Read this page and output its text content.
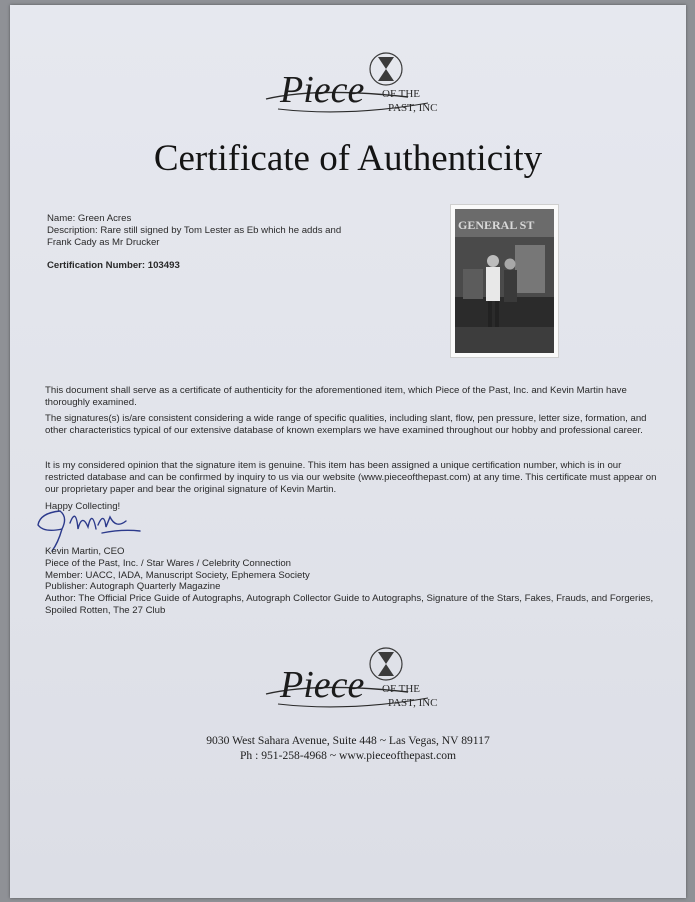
Piece OF THE
PAST, INC
Certificate of Authenticity
Name: Green Acres
Description: Rare still signed by Tom Lester as Eb which he adds and Frank Cady as Mr Drucker
Certification Number: 103493
GENERAL ST
This document shall serve as a certificate of authenticity for the aforementioned item, which Piece of the Past, Inc. and Kevin Martin have thoroughly examined.
The signatures(s) is/are consistent considering a wide range of specific qualities, including slant, flow, pen pressure, letter size, formation, and other characteristics typical of our extensive database of known exemplars we have examined throughout our hobby and professional career.
It is my considered opinion that the signature item is genuine. This item has been assigned a unique certification number, which is in our restricted database and can be confirmed by inquiry to us via our website (www.pieceofthepast.com) at any time. This certificate must appear on our proprietary paper and bear the original signature of Kevin Martin.
Happy Collecting!
Kevin Martin, CEO
Piece of the Past, Inc. / Star Wares / Celebrity Connection
Member: UACC, IADA, Manuscript Society, Ephemera Society
Publisher: Autograph Quarterly Magazine
Author: The Official Price Guide of Autographs, Autograph Collector Guide to Autographs, Signature of the Stars, Fakes, Frauds, and Forgeries, Spoiled Rotten, The 27 Club
Piece OF THE
PAST, INC
9030 West Sahara Avenue, Suite 448 ~ Las Vegas, NV 89117
Ph : 951-258-4968 ~ www.pieceofthepast.com
